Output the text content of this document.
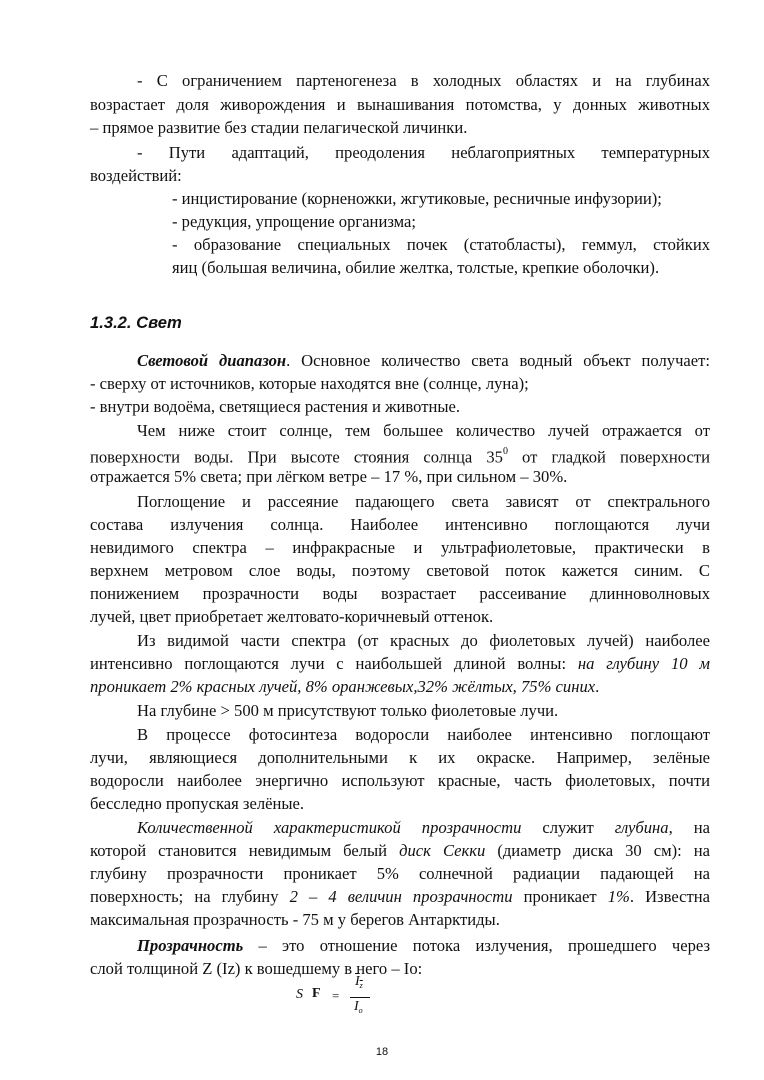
- С ограничением партеногенеза в холодных областях и на глубинах
возрастает доля живорождения и вынашивания потомства, у донных животных
– прямое развитие без стадии пелагической личинки.
- Пути адаптаций, преодоления неблагоприятных температурных
воздействий:
- инцистирование (корненожки, жгутиковые, ресничные инфузории);
- редукция, упрощение организма;
- образование специальных почек (статобласты), геммул, стойких
яиц (большая величина, обилие желтка, толстые, крепкие оболочки).
1.3.2. Свет
Световой диапазон. Основное количество света водный объект получает:
- сверху от источников, которые находятся вне (солнце, луна);
- внутри водоёма, светящиеся растения и животные.
Чем ниже стоит солнце, тем большее количество лучей отражается от
поверхности воды. При высоте стояния солнца $35^0$ от гладкой поверхности
отражается 5% света; при лёгком ветре – 17 %, при сильном – 30%.
Поглощение и рассеяние падающего света зависят от спектрального
состава излучения солнца. Наиболее интенсивно поглощаются лучи
невидимого спектра – инфракрасные и ультрафиолетовые, практически в
верхнем метровом слое воды, поэтому световой поток кажется синим. С
понижением прозрачности воды возрастает рассеивание длинноволновых
лучей, цвет приобретает желтовато-коричневый оттенок.
Из видимой части спектра (от красных до фиолетовых лучей) наиболее
интенсивно поглощаются лучи с наибольшей длиной волны: на глубину 10 м
проникает 2% красных лучей, 8% оранжевых,32% жёлтых, 75% синих.
На глубине > 500 м присутствуют только фиолетовые лучи.
В процессе фотосинтеза водоросли наиболее интенсивно поглощают
лучи, являющиеся дополнительными к их окраске. Например, зелёные
водоросли наиболее энергично используют красные, часть фиолетовых, почти
бесследно пропуская зелёные.
Количественной характеристикой прозрачности служит глубина, на
которой становится невидимым белый диск Секки (диаметр диска 30 см): на
глубину прозрачности проникает 5% солнечной радиации падающей на
поверхность; на глубину 2 – 4 величин прозрачности проникает 1%. Известна
максимальная прозрачность - 75 м у берегов Антарктиды.
Прозрачность – это отношение потока излучения, прошедшего через
слой толщиной Z (Iz) к вошедшему в него – Io:
S Ϝ =
$I_z$
$I_o$
18
